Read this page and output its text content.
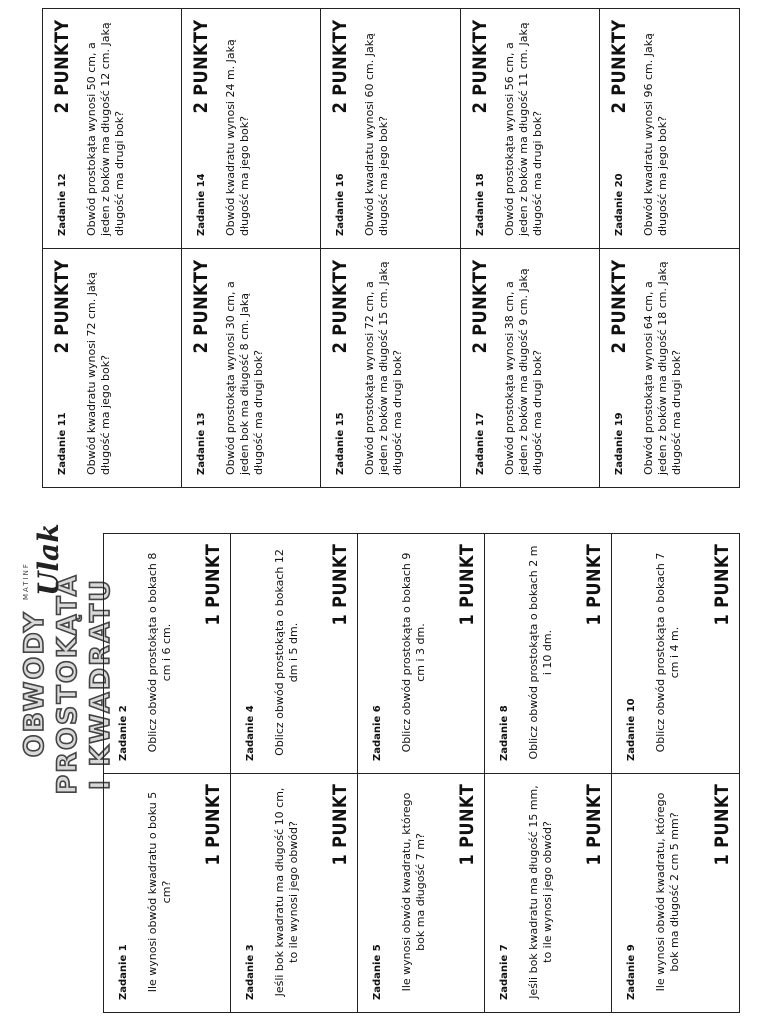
OBWODY PROSTOKĄTA I KWADRATU
MATINF Ulak
Zadanie 1 Ile wynosi obwód kwadratu o boku 5 cm?
1 PUNKT
Zadanie 2 Oblicz obwód prostokąta o bokach 8 cm i 6 cm.
1 PUNKT
Zadanie 3 Jeśli bok kwadratu ma długość 10 cm, to ile wynosi jego obwód? 1 PUNKT
Zadanie 4 Oblicz obwód prostokąta o bokach 12 dm i 5 dm.
1 PUNKT
Zadanie 5 Ile wynosi obwód kwadratu, którego bok ma długość 7 m?
1 PUNKT
Zadanie 6 Oblicz obwód prostokąta o bokach 9 cm i 3 dm.
1 PUNKT
Zadanie 7 Jeśli bok kwadratu ma długość 15 mm, to ile wynosi jego obwód? 1 PUNKT
Zadanie 8 Oblicz obwód prostokąta o bokach 2 m i 10 dm.
1 PUNKT
Zadanie 9 Ile wynosi obwód kwadratu, którego bok ma długość 2 cm 5 mm? 1 PUNKT
Zadanie 10 Oblicz obwód prostokąta o bokach 7 cm i 4 m.
1 PUNKT
Zadanie 11
2 PUNKTY Obwód kwadratu wynosi 72 cm. Jaką długość ma jego bok?
Zadanie 12
2 PUNKTY Obwód prostokąta wynosi 50 cm, a jeden z boków ma długość 12 cm. Jaką długość ma drugi bok?
Zadanie 13
2 PUNKTY Obwód prostokąta wynosi 30 cm, a jeden bok ma długość 8 cm. Jaką długość ma drugi bok?
Zadanie 14
2 PUNKTY Obwód kwadratu wynosi 24 m. Jaką długość ma jego bok?
Zadanie 15
2 PUNKTY Obwód prostokąta wynosi 72 cm, a jeden z boków ma długość 15 cm. Jaką długość ma drugi bok?
Zadanie 16
2 PUNKTY Obwód kwadratu wynosi 60 cm. Jaką długość ma jego bok?
Zadanie 17
2 PUNKTY Obwód prostokąta wynosi 38 cm, a jeden z boków ma długość 9 cm. Jaką długość ma drugi bok?
Zadanie 18
2 PUNKTY Obwód prostokąta wynosi 56 cm, a jeden z boków ma długość 11 cm. Jaką długość ma drugi bok?
Zadanie 19
2 PUNKTY Obwód prostokąta wynosi 64 cm, a jeden z boków ma długość 18 cm. Jaką długość ma drugi bok?
Zadanie 20
2 PUNKTY Obwód kwadratu wynosi 96 cm. Jaką długość ma jego bok?
